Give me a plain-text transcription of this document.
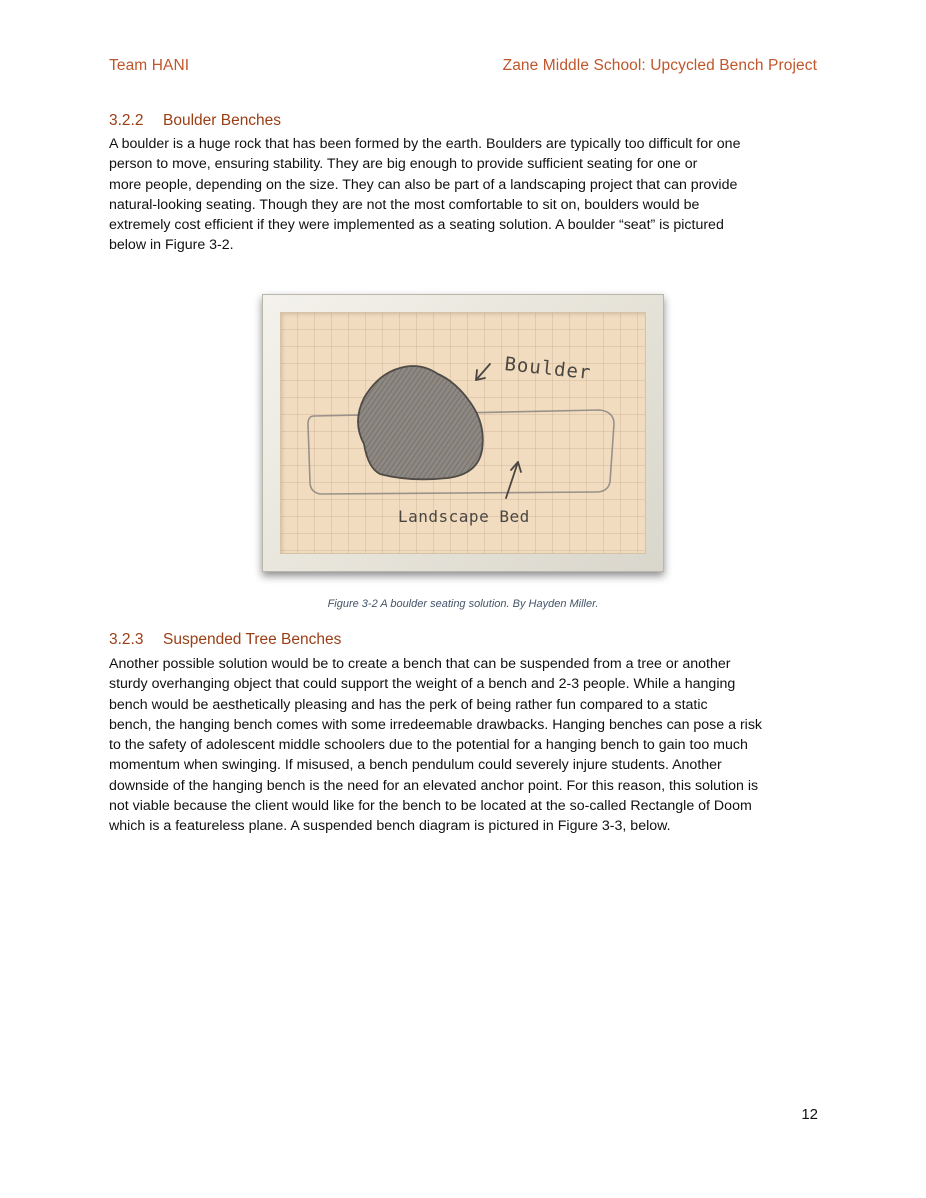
Team HANI	Zane Middle School: Upcycled Bench Project
3.2.2 Boulder Benches
A boulder is a huge rock that has been formed by the earth. Boulders are typically too difficult for one
person to move, ensuring stability. They are big enough to provide sufficient seating for one or
more people, depending on the size. They can also be part of a landscaping project that can provide
natural-looking seating. Though they are not the most comfortable to sit on, boulders would be
extremely cost efficient if they were implemented as a seating solution. A boulder “seat” is pictured
below in Figure 3-2.
Boulder
Landscape Bed
Figure 3-2 A boulder seating solution. By Hayden Miller.
3.2.3 Suspended Tree Benches
Another possible solution would be to create a bench that can be suspended from a tree or another
sturdy overhanging object that could support the weight of a bench and 2-3 people. While a hanging
bench would be aesthetically pleasing and has the perk of being rather fun compared to a static
bench, the hanging bench comes with some irredeemable drawbacks. Hanging benches can pose a risk
to the safety of adolescent middle schoolers due to the potential for a hanging bench to gain too much
momentum when swinging. If misused, a bench pendulum could severely injure students. Another
downside of the hanging bench is the need for an elevated anchor point. For this reason, this solution is
not viable because the client would like for the bench to be located at the so-called Rectangle of Doom
which is a featureless plane. A suspended bench diagram is pictured in Figure 3-3, below.
12
